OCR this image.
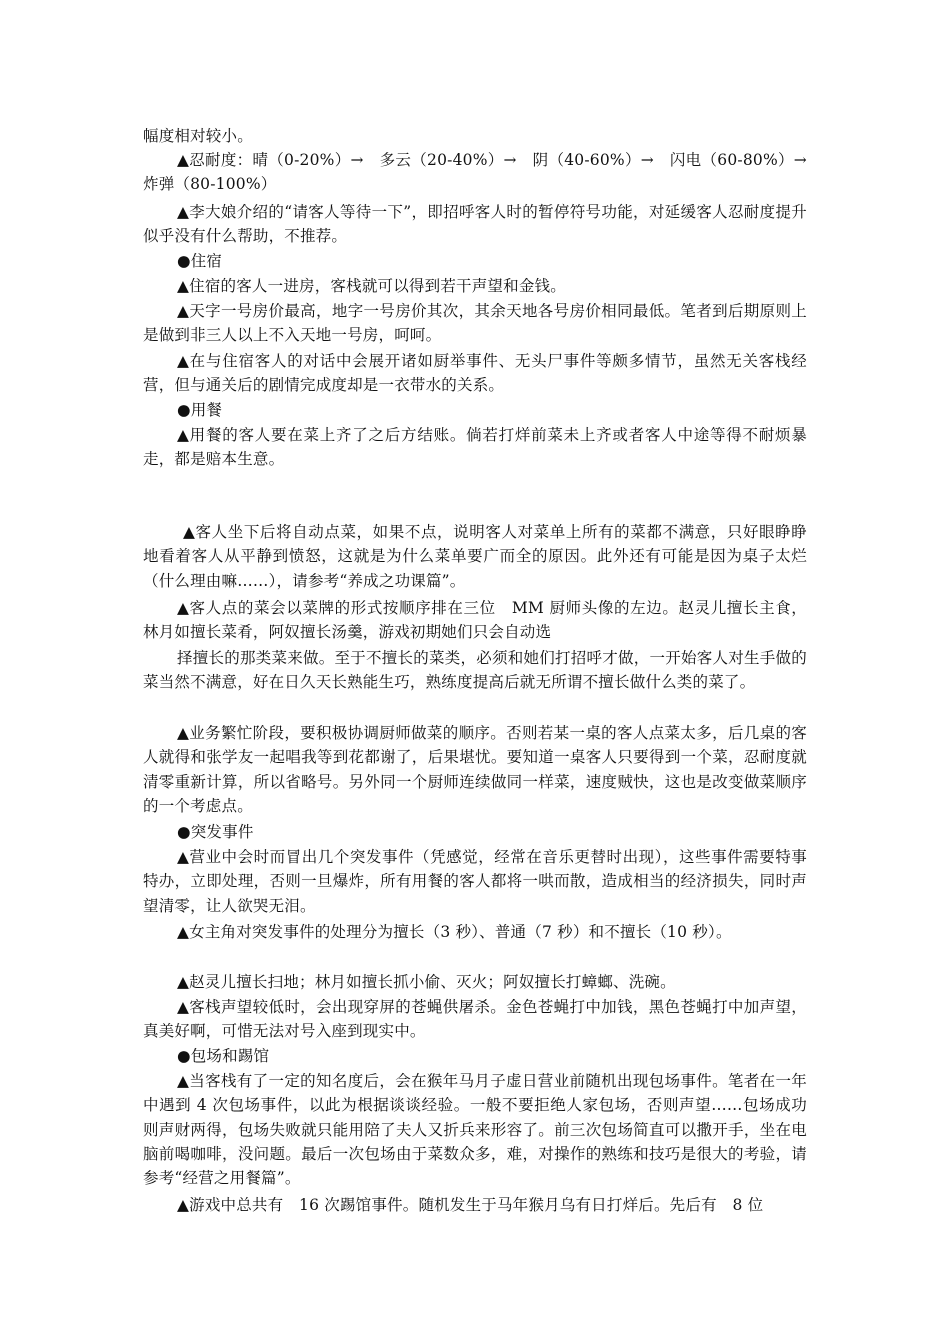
幅度相对较小。

▲忍耐度：晴（0-20%）→　多云（20-40%）→　阴（40-60%）→　闪电（60-80%）→　炸弹（80-100%）

▲李大娘介绍的“请客人等待一下”，即招呼客人时的暂停符号功能，对延缓客人忍耐度提升似乎没有什么帮助，不推荐。

●住宿

▲住宿的客人一进房，客栈就可以得到若干声望和金钱。

▲天字一号房价最高，地字一号房价其次，其余天地各号房价相同最低。笔者到后期原则上是做到非三人以上不入天地一号房，呵呵。

▲在与住宿客人的对话中会展开诸如厨举事件、无头尸事件等颇多情节，虽然无关客栈经营，但与通关后的剧情完成度却是一衣带水的关系。

●用餐

▲用餐的客人要在菜上齐了之后方结账。倘若打烊前菜未上齐或者客人中途等得不耐烦暴走，都是赔本生意。

▲客人坐下后将自动点菜，如果不点，说明客人对菜单上所有的菜都不满意，只好眼睁睁地看着客人从平静到愤怒，这就是为什么菜单要广而全的原因。此外还有可能是因为桌子太烂（什么理由嘛……），请参考“养成之功课篇”。

▲客人点的菜会以菜牌的形式按顺序排在三位　MM 厨师头像的左边。赵灵儿擅长主食，林月如擅长菜肴，阿奴擅长汤羹，游戏初期她们只会自动选

择擅长的那类菜来做。至于不擅长的菜类，必须和她们打招呼才做，一开始客人对生手做的菜当然不满意，好在日久天长熟能生巧，熟练度提高后就无所谓不擅长做什么类的菜了。

▲业务繁忙阶段，要积极协调厨师做菜的顺序。否则若某一桌的客人点菜太多，后几桌的客人就得和张学友一起唱我等到花都谢了，后果堪忧。要知道一桌客人只要得到一个菜，忍耐度就清零重新计算，所以省略号。另外同一个厨师连续做同一样菜，速度贼快，这也是改变做菜顺序的一个考虑点。

●突发事件

▲营业中会时而冒出几个突发事件（凭感觉，经常在音乐更替时出现），这些事件需要特事特办，立即处理，否则一旦爆炸，所有用餐的客人都将一哄而散，造成相当的经济损失，同时声望清零，让人欲哭无泪。

▲女主角对突发事件的处理分为擅长（3 秒）、普通（7 秒）和不擅长（10 秒）。

▲赵灵儿擅长扫地；林月如擅长抓小偷、灭火；阿奴擅长打蟑螂、洗碗。

▲客栈声望较低时，会出现穿屏的苍蝇供屠杀。金色苍蝇打中加钱，黑色苍蝇打中加声望，真美好啊，可惜无法对号入座到现实中。

●包场和踢馆

▲当客栈有了一定的知名度后，会在猴年马月子虚日营业前随机出现包场事件。笔者在一年中遇到 4 次包场事件，以此为根据谈谈经验。一般不要拒绝人家包场，否则声望……包场成功则声财两得，包场失败就只能用陪了夫人又折兵来形容了。前三次包场简直可以撒开手，坐在电脑前喝咖啡，没问题。最后一次包场由于菜数众多，难，对操作的熟练和技巧是很大的考验，请参考“经营之用餐篇”。

▲游戏中总共有　16 次踢馆事件。随机发生于马年猴月乌有日打烊后。先后有　8 位
